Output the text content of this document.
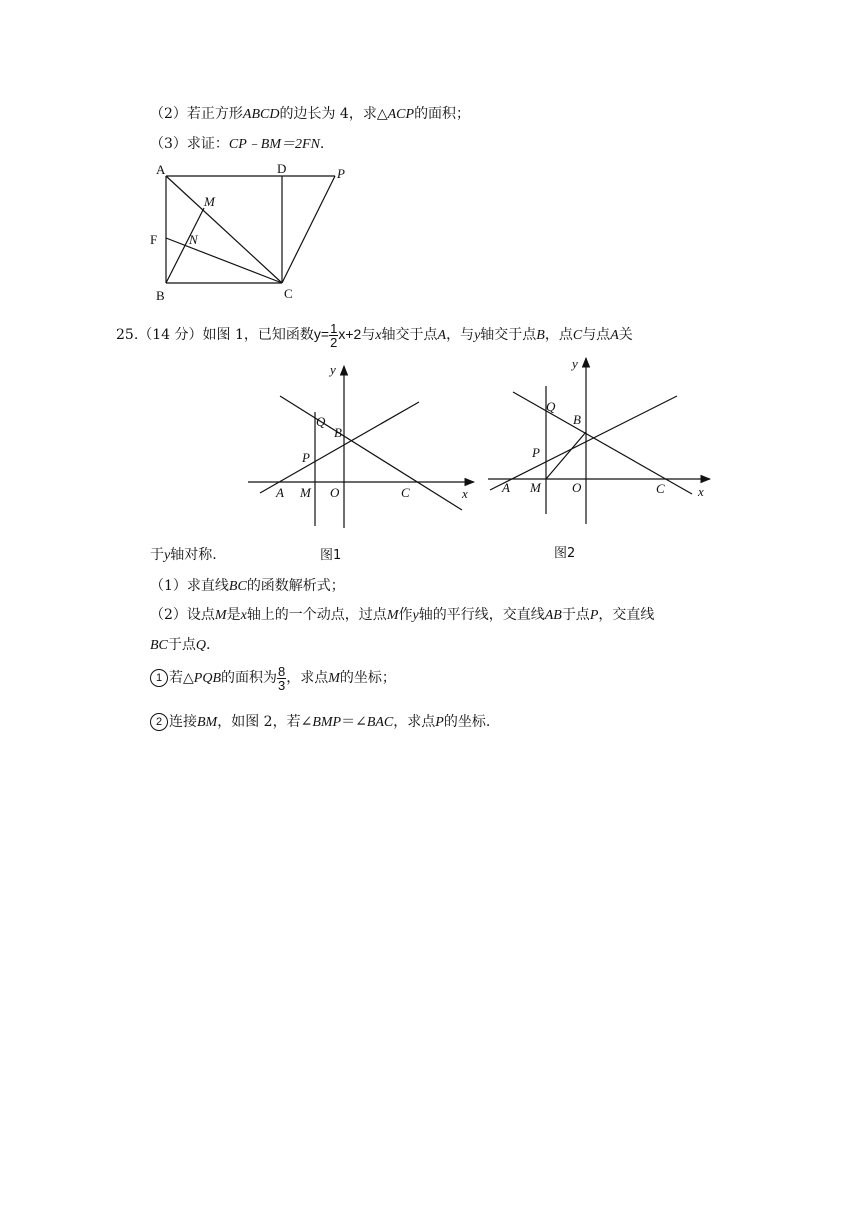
（2）若正方形ABCD的边长为 4，求△ACP的面积；
（3）求证：CP﹣BM＝2FN.
A	D	P
M
F N
B	C
25.（14 分）如图 1，已知函数$y= \frac{1}{2} x+2$与x轴交于点A，与y轴交于点B，点C与点A关
y
Q
B
P
A M O	C	x
y
Q
B
P
A M O	C	x
于y轴对称.	图1	图2
（1）求直线BC的函数解析式；
（2）设点M是x轴上的一个动点，过点M作y轴的平行线，交直线AB于点P，交直线
BC于点Q.
1 若△PQB的面积为 $\frac{8}{3}$ ，求点M的坐标；
2 连接BM，如图 2，若∠BMP＝∠BAC，求点P的坐标.
